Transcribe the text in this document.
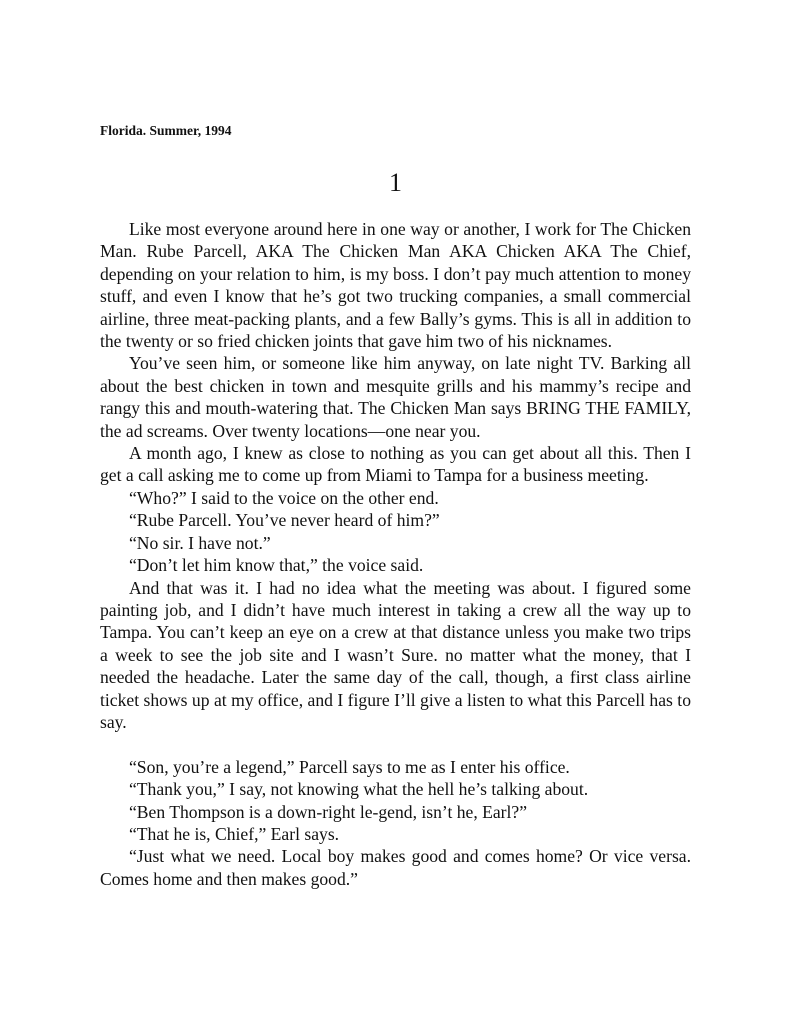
Florida. Summer, 1994
1

Like most everyone around here in one way or another, I work for The Chicken Man. Rube Parcell, AKA The Chicken Man AKA Chicken AKA The Chief, depending on your relation to him, is my boss. I don’t pay much attention to money stuff, and even I know that he’s got two trucking companies, a small commercial airline, three meat-packing plants, and a few Bally’s gyms. This is all in addition to the twenty or so fried chicken joints that gave him two of his nicknames.

You’ve seen him, or someone like him anyway, on late night TV. Barking all about the best chicken in town and mesquite grills and his mammy’s recipe and rangy this and mouth-watering that. The Chicken Man says BRING THE FAMILY, the ad screams. Over twenty locations—one near you.

A month ago, I knew as close to nothing as you can get about all this. Then I get a call asking me to come up from Miami to Tampa for a business meeting.

“Who?” I said to the voice on the other end.

“Rube Parcell. You’ve never heard of him?”

“No sir. I have not.”

“Don’t let him know that,” the voice said.

And that was it. I had no idea what the meeting was about. I figured some painting job, and I didn’t have much interest in taking a crew all the way up to Tampa. You can’t keep an eye on a crew at that distance unless you make two trips a week to see the job site and I wasn’t Sure. no matter what the money, that I needed the headache. Later the same day of the call, though, a first class airline ticket shows up at my office, and I figure I’ll give a listen to what this Parcell has to say.

“Son, you’re a legend,” Parcell says to me as I enter his office.

“Thank you,” I say, not knowing what the hell he’s talking about.

“Ben Thompson is a down-right le-gend, isn’t he, Earl?”

“That he is, Chief,” Earl says.

“Just what we need. Local boy makes good and comes home? Or vice versa. Comes home and then makes good.”
